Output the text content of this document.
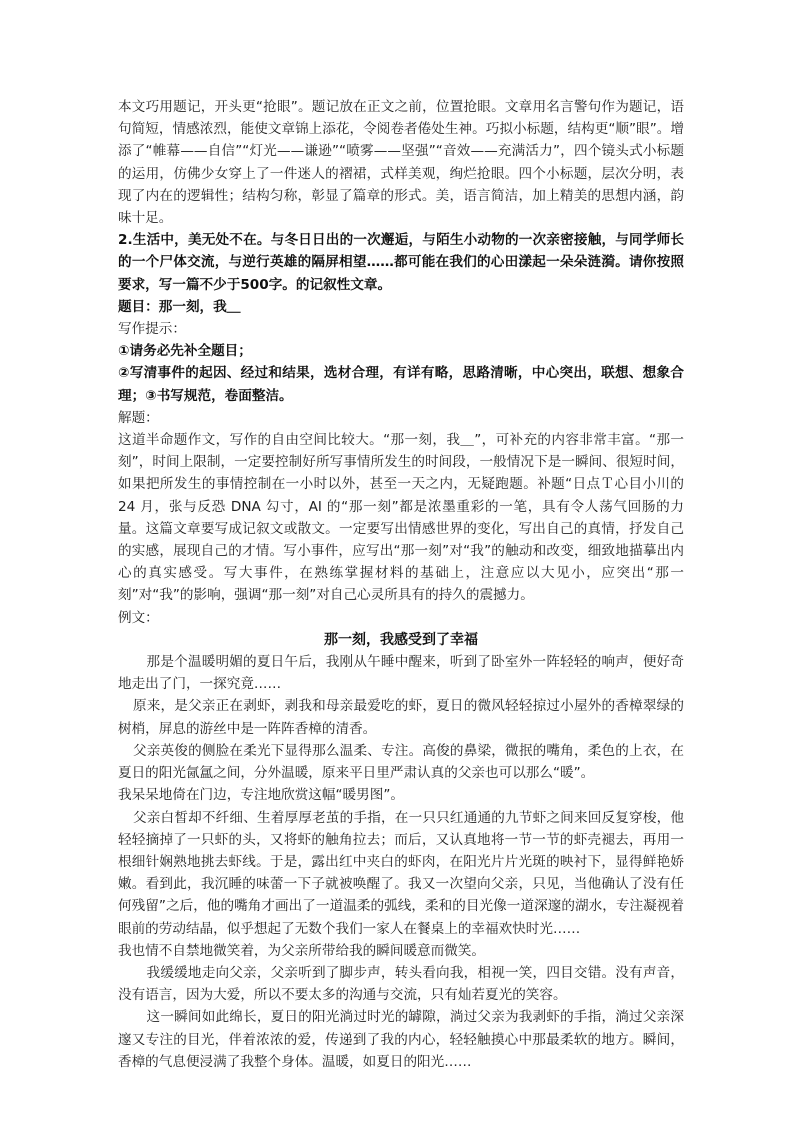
本文巧用题记，开头更“抢眼”。题记放在正文之前，位置抢眼。文章用名言警句作为题记，语句简短，情感浓烈，能使文章锦上添花，令阅卷者倦处生神。巧拟小标题，结构更“顺”眼”。增添了“帷幕——自信”“灯光——谦逊”“喷雾——坚强”“音效——充满活力”，四个镜头式小标题的运用，仿佛少女穿上了一件迷人的褶裙，式样美观，绚烂抢眼。四个小标题，层次分明，表现了内在的逻辑性；结构匀称，彰显了篇章的形式。美，语言简洁，加上精美的思想内涵，韵味十足。

2.生活中，美无处不在。与冬日日出的一次邂逅，与陌生小动物的一次亲密接触，与同学师长的一个尸体交流，与逆行英雄的隔屏相望……都可能在我们的心田漾起一朵朵涟漪。请你按照要求，写一篇不少于500字。的记叙性文章。

题目：那一刻，我＿

写作提示：

①请务必先补全题目；

②写清事件的起因、经过和结果，选材合理，有详有略，思路清晰，中心突出，联想、想象合理；③书写规范，卷面整洁。

解题：

这道半命题作文，写作的自由空间比较大。“那一刻，我＿”，可补充的内容非常丰富。“那一刻”，时间上限制，一定要控制好所写事情所发生的时间段，一般情况下是一瞬间、很短时间，如果把所发生的事情控制在一小时以外，甚至一天之内，无疑跑题。补题“日点Ｔ心目小川的 24 月，张与反恐 DNA 勾寸，AI 的“那一刻”都是浓墨重彩的一笔，具有令人荡气回肠的力量。这篇文章要写成记叙文或散文。一定要写出情感世界的变化，写出自己的真情，抒发自己的实感，展现自己的才情。写小事件，应写出“那一刻”对“我”的触动和改变，细致地描摹出内心的真实感受。写大事件，在熟练掌握材料的基础上，注意应以大见小，应突出“那一刻”对“我”的影响，强调“那一刻”对自己心灵所具有的持久的震撼力。

例文：

那一刻，我感受到了幸福

那是个温暖明媚的夏日午后，我刚从午睡中醒来，听到了卧室外一阵轻轻的响声，便好奇地走出了门，一探究竟……

原来，是父亲正在剥虾，剥我和母亲最爱吃的虾，夏日的微风轻轻掠过小屋外的香樟翠绿的树梢，屏息的游丝中是一阵阵香樟的清香。

父亲英俊的侧脸在柔光下显得那么温柔、专注。高俊的鼻梁，微抿的嘴角，柔色的上衣，在夏日的阳光氤氲之间，分外温暖，原来平日里严肃认真的父亲也可以那么“暖”。

我呆呆地倚在门边，专注地欣赏这幅“暖男图”。

父亲白皙却不纤细、生着厚厚老茧的手指，在一只只红通通的九节虾之间来回反复穿梭，他轻轻摘掉了一只虾的头，又将虾的触角拉去；而后，又认真地将一节一节的虾壳褪去，再用一根细针娴熟地挑去虾线。于是，露出红中夹白的虾肉，在阳光片片光斑的映衬下，显得鲜艳娇嫩。看到此，我沉睡的味蕾一下子就被唤醒了。我又一次望向父亲，只见，当他确认了没有任何残留”之后，他的嘴角才画出了一道温柔的弧线，柔和的目光像一道深邃的湖水，专注凝视着眼前的劳动结晶，似乎想起了无数个我们一家人在餐桌上的幸福欢快时光……

我也情不自禁地微笑着，为父亲所带给我的瞬间暖意而微笑。

我缓缓地走向父亲，父亲听到了脚步声，转头看向我，相视一笑，四目交错。没有声音，没有语言，因为大爱，所以不要太多的沟通与交流，只有灿若夏光的笑容。

这一瞬间如此绵长，夏日的阳光淌过时光的罅隙，淌过父亲为我剥虾的手指，淌过父亲深邃又专注的目光，伴着浓浓的爱，传递到了我的内心，轻轻触摸心中那最柔软的地方。瞬间，香樟的气息便浸满了我整个身体。温暖，如夏日的阳光……
